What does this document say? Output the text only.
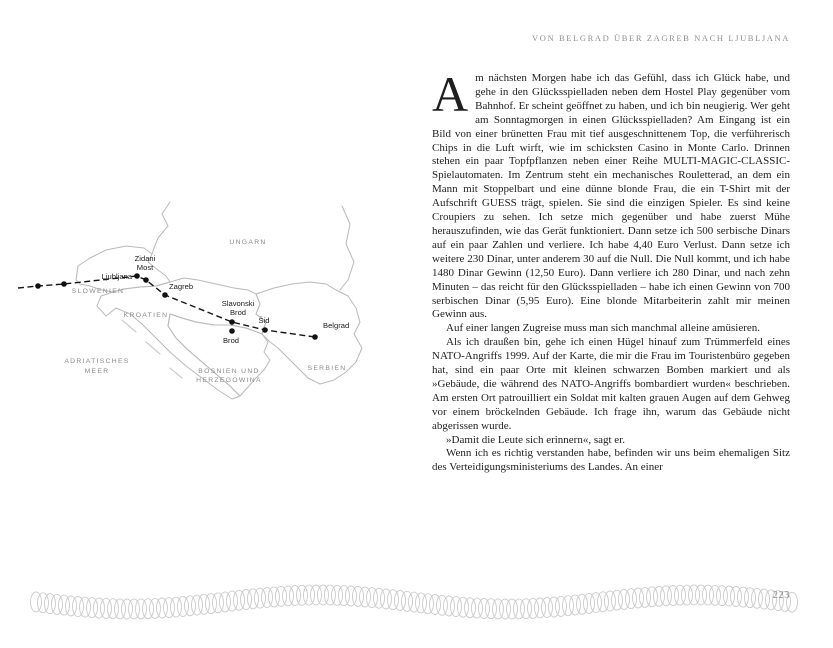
VON BELGRAD ÜBER ZAGREB NACH LJUBLJANA
UNGARN
SLOWENIEN
KROATIEN
SERBIEN
BOSNIEN UND
HERZEGOWINA
ADRIATISCHES
MEER
Ljubljana
Zidani
Most
Zagreb
Slavonski
Brod
Brod
Šid
Belgrad

Am nächsten Morgen habe ich das Gefühl, dass ich Glück habe, und gehe in den Glücksspielladen neben dem Hostel Play gegenüber vom Bahnhof. Er scheint geöffnet zu haben, und ich bin neugierig. Wer geht am Sonntagmorgen in einen Glücksspielladen? Am Eingang ist ein Bild von einer brünetten Frau mit tief ausgeschnittenem Top, die verführerisch Chips in die Luft wirft, wie im schicksten Casino in Monte Carlo. Drinnen stehen ein paar Topfpflanzen neben einer Reihe MULTI-MAGIC-CLASSIC-Spielautomaten. Im Zentrum steht ein mechanisches Rouletterad, an dem ein Mann mit Stoppelbart und eine dünne blonde Frau, die ein T-Shirt mit der Aufschrift GUESS trägt, spielen. Sie sind die einzigen Spieler. Es sind keine Croupiers zu sehen. Ich setze mich gegenüber und habe zuerst Mühe herauszufinden, wie das Gerät funktioniert. Dann setze ich 500 serbische Dinars auf ein paar Zahlen und verliere. Ich habe 4,40 Euro Verlust. Dann setze ich weitere 230 Dinar, unter anderem 30 auf die Null. Die Null kommt, und ich habe 1480 Dinar Gewinn (12,50 Euro). Dann verliere ich 280 Dinar, und nach zehn Minuten – das reicht für den Glücksspielladen – habe ich einen Gewinn von 700 serbischen Dinar (5,95 Euro). Eine blonde Mitarbeiterin zahlt mir meinen Gewinn aus.

Auf einer langen Zugreise muss man sich manchmal alleine amüsieren.

Als ich draußen bin, gehe ich einen Hügel hinauf zum Trümmerfeld eines NATO-Angriffs 1999. Auf der Karte, die mir die Frau im Touristenbüro gegeben hat, sind ein paar Orte mit kleinen schwarzen Bomben markiert und als »Gebäude, die während des NATO-Angriffs bombardiert wurden« beschrieben. Am ersten Ort patrouilliert ein Soldat mit kalten grauen Augen auf dem Gehweg vor einem bröckelnden Gebäude. Ich frage ihn, warum das Gebäude nicht abgerissen wurde.

»Damit die Leute sich erinnern«, sagt er.

Wenn ich es richtig verstanden habe, befinden wir uns beim ehemaligen Sitz des Verteidigungsministeriums des Landes. An einer

223
